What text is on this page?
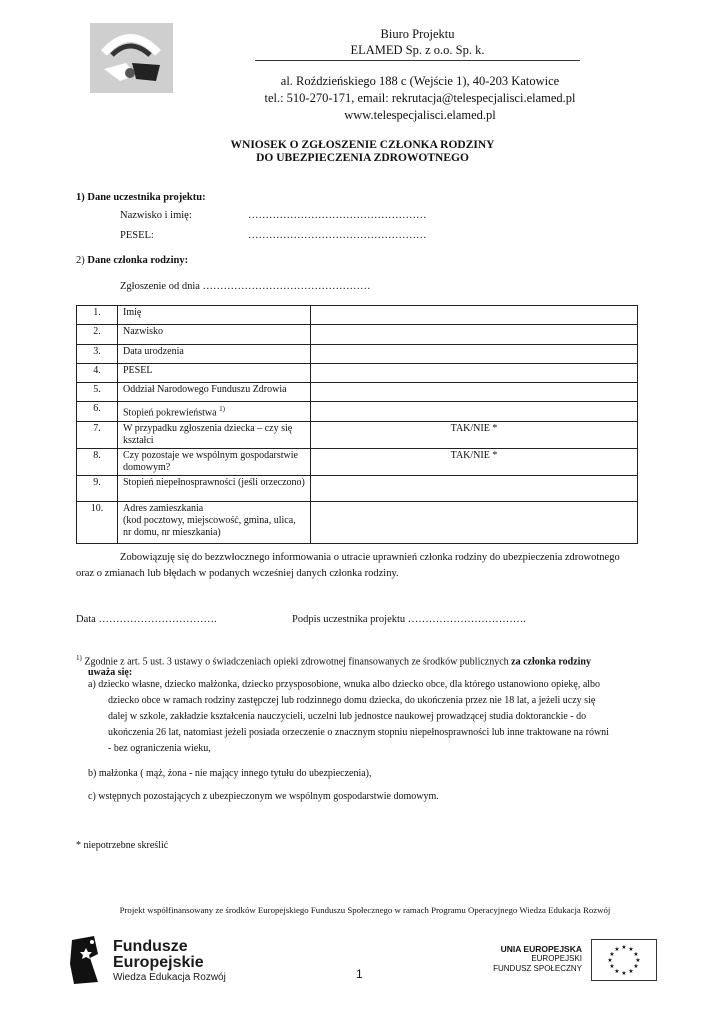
Biuro Projektu
ELAMED Sp. z o.o. Sp. k.
al. Roździeńskiego 188 c (Wejście 1), 40-203 Katowice
tel.: 510-270-171, email: rekrutacja@telespecjalisci.elamed.pl
www.telespecjalisci.elamed.pl
WNIOSEK O ZGŁOSZENIE CZŁONKA RODZINY
DO UBEZPIECZENIA ZDROWOTNEGO
1) Dane uczestnika projektu:
Nazwisko i imię:	……………………………………………
PESEL:	……………………………………………
2) Dane członka rodziny:
Zgłoszenie od dnia …………………………………………
1.	Imię	
2.	Nazwisko	
3.	Data urodzenia	
4.	PESEL	
5.	Oddział Narodowego Funduszu Zdrowia	
6.	Stopień pokrewieństwa $^{1)}$	
7.	W przypadku zgłoszenia dziecka – czy się kształci	TAK/NIE *
8.	Czy pozostaje we wspólnym gospodarstwie domowym?	TAK/NIE *
9.	Stopień niepełnosprawności (jeśli orzeczono)	
10.	Adres zamieszkania
(kod pocztowy, miejscowość, gmina, ulica, nr domu, nr mieszkania)	
Zobowiązuję się do bezzwłocznego informowania o utracie uprawnień członka rodziny do ubezpieczenia zdrowotnego
oraz o zmianach lub błędach w podanych wcześniej danych członka rodziny.
Data …………………………….	Podpis uczestnika projektu …………………………….
$^{1)}$ Zgodnie z art. 5 ust. 3 ustawy o świadczeniach opieki zdrowotnej finansowanych ze środków publicznych za członka rodziny
uważa się:
a) dziecko własne, dziecko małżonka, dziecko przysposobione, wnuka albo dziecko obce, dla którego ustanowiono opiekę, albo
dziecko obce w ramach rodziny zastępczej lub rodzinnego domu dziecka, do ukończenia przez nie 18 lat, a jeżeli uczy się
dalej w szkole, zakładzie kształcenia nauczycieli, uczelni lub jednostce naukowej prowadzącej studia doktoranckie - do
ukończenia 26 lat, natomiast jeżeli posiada orzeczenie o znacznym stopniu niepełnosprawności lub inne traktowane na równi
- bez ograniczenia wieku,
b) małżonka ( mąż, żona - nie mający innego tytułu do ubezpieczenia),
c) wstępnych pozostających z ubezpieczonym we wspólnym gospodarstwie domowym.
* niepotrzebne skreślić
Projekt współfinansowany ze środków Europejskiego Funduszu Społecznego w ramach Programu Operacyjnego Wiedza Edukacja Rozwój
Fundusze
Europejskie
Wiedza Edukacja Rozwój	1
UNIA EUROPEJSKA
EUROPEJSKI
FUNDUSZ SPOŁECZNY
★ ★
★
★
★
★
★
★
★
★
★
★
